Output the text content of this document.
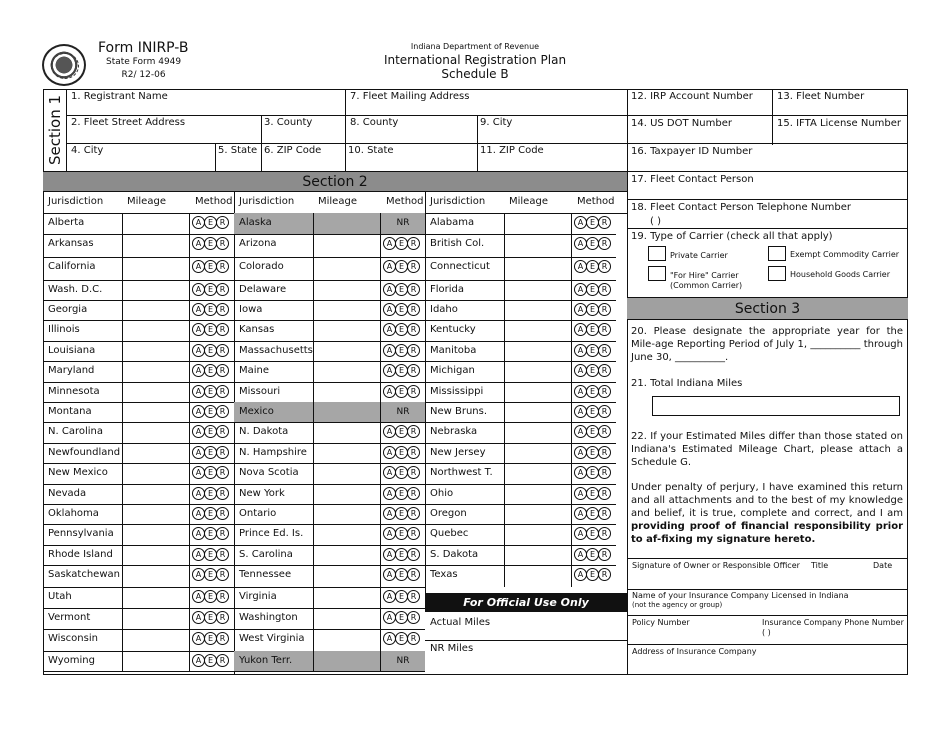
Form INIRP-B
State Form 4949
R2/ 12-06
Indiana Department of Revenue
International Registration Plan
Schedule B
Section 1 1. Registrant Name	7. Fleet Mailing Address
2. Fleet Street Address	3. County	8. County	9. City
4. City	5. State 6. ZIP Code	10. State	11. ZIP Code
12. IRP Account Number 13. Fleet Number
14. US DOT Number	15. IFTA License Number
16. Taxpayer ID Number
17. Fleet Contact Person
18. Fleet Contact Person Telephone Number
( )
19. Type of Carrier (check all that apply)
Private Carrier	Exempt Commodity Carrier
"For Hire" Carrier
(Common Carrier)
Household Goods Carrier
Section 2
Jurisdiction Mileage	Method Jurisdiction Mileage	Method Jurisdiction Mileage	Method
Alberta	A E R
Arkansas	A E R
California	A E R
Wash. D.C.	A E R
Georgia	A E R
Illinois	A E R
Louisiana	A E R
Maryland	A E R
Minnesota	A E R
Montana	A E R
N. Carolina	A E R
Newfoundland	A E R
New Mexico	A E R
Nevada	A E R
Oklahoma	A E R
Pennsylvania	A E R
Rhode Island	A E R
Saskatchewan	A E R
Utah	A E R
Vermont	A E R
Wisconsin	A E R
Wyoming	A E R
Alaska	NR
Arizona	A E R
Colorado	A E R
Delaware	A E R
Iowa	A E R
Kansas	A E R
Massachusetts	A E R
Maine	A E R
Missouri	A E R
Mexico	NR
N. Dakota	A E R
N. Hampshire	A E R
Nova Scotia	A E R
New York	A E R
Ontario	A E R
Prince Ed. Is.	A E R
S. Carolina	A E R
Tennessee	A E R
Virginia	A E R
Washington	A E R
West Virginia	A E R
Yukon Terr.	NR
Alabama	A E R
British Col.	A E R
Connecticut	A E R
Florida	A E R
Idaho	A E R
Kentucky	A E R
Manitoba	A E R
Michigan	A E R
Mississippi	A E R
New Bruns.	A E R
Nebraska	A E R
New Jersey	A E R
Northwest T.	A E R
Ohio	A E R
Oregon	A E R
Quebec	A E R
S. Dakota	A E R
Texas	A E R
For Official Use Only
Actual Miles
NR Miles
Section 3
20. Please designate the appropriate year for the Mile-age Reporting Period of July 1, __________ through June 30, __________.
21. Total Indiana Miles
22. If your Estimated Miles differ than those stated on Indiana's Estimated Mileage Chart, please attach a Schedule G.
Under penalty of perjury, I have examined this return and all attachments and to the best of my knowledge and belief, it is true, complete and correct, and I am providing proof of financial responsibility prior to af-fixing my signature hereto.
Signature of Owner or Responsible Officer Title	Date
Name of your Insurance Company Licensed in Indiana
(not the agency or group)
Policy Number	Insurance Company Phone Number
( )
Address of Insurance Company
